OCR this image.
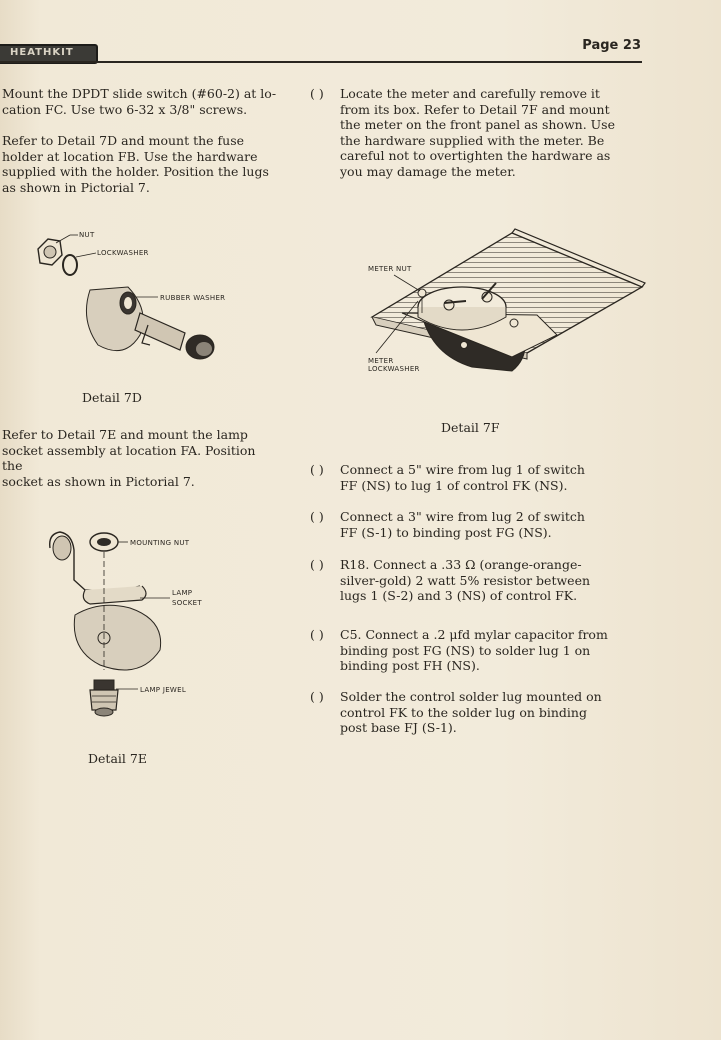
HEATHKIT	Page 23
Mount the DPDT slide switch (#60-2) at lo-
cation FC. Use two 6-32 x 3/8" screws.
Refer to Detail 7D and mount the fuse
holder at location FB. Use the hardware
supplied with the holder. Position the lugs
as shown in Pictorial 7.
NUT
LOCKWASHER
RUBBER WASHER
Detail 7D
Refer to Detail 7E and mount the lamp
socket assembly at location FA. Position the
socket as shown in Pictorial 7.
MOUNTING NUT
LAMP
SOCKET
LAMP JEWEL
Detail 7E
( )	Locate the meter and carefully remove it
from its box. Refer to Detail 7F and mount
the meter on the front panel as shown. Use
the hardware supplied with the meter. Be
careful not to overtighten the hardware as
you may damage the meter.
METER NUT
METER
LOCKWASHER
Detail 7F
( )	Connect a 5" wire from lug 1 of switch
FF (NS) to lug 1 of control FK (NS).
( )	Connect a 3" wire from lug 2 of switch
FF (S-1) to binding post FG (NS).
( )	R18. Connect a .33 Ω (orange-orange-
silver-gold) 2 watt 5% resistor between
lugs 1 (S-2) and 3 (NS) of control FK.
( )	C5. Connect a .2 μfd mylar capacitor from
binding post FG (NS) to solder lug 1 on
binding post FH (NS).
( )	Solder the control solder lug mounted on
control FK to the solder lug on binding
post base FJ (S-1).
